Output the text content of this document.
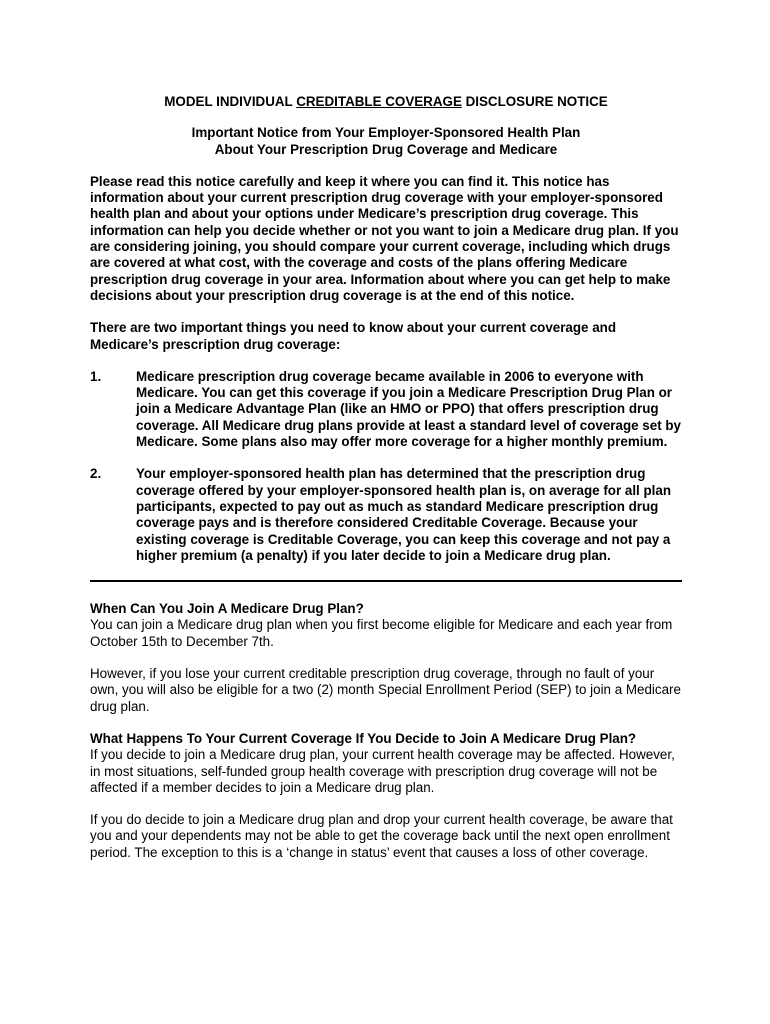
MODEL INDIVIDUAL CREDITABLE COVERAGE DISCLOSURE NOTICE
Important Notice from Your Employer-Sponsored Health Plan
About Your Prescription Drug Coverage and Medicare

Please read this notice carefully and keep it where you can find it. This notice has information about your current prescription drug coverage with your employer-sponsored health plan and about your options under Medicare’s prescription drug coverage. This information can help you decide whether or not you want to join a Medicare drug plan. If you are considering joining, you should compare your current coverage, including which drugs are covered at what cost, with the coverage and costs of the plans offering Medicare prescription drug coverage in your area. Information about where you can get help to make decisions about your prescription drug coverage is at the end of this notice.

There are two important things you need to know about your current coverage and Medicare’s prescription drug coverage:

1.	Medicare prescription drug coverage became available in 2006 to everyone with Medicare. You can get this coverage if you join a Medicare Prescription Drug Plan or join a Medicare Advantage Plan (like an HMO or PPO) that offers prescription drug coverage. All Medicare drug plans provide at least a standard level of coverage set by Medicare. Some plans also may offer more coverage for a higher monthly premium.
2.	Your employer-sponsored health plan has determined that the prescription drug coverage offered by your employer-sponsored health plan is, on average for all plan participants, expected to pay out as much as standard Medicare prescription drug coverage pays and is therefore considered Creditable Coverage. Because your existing coverage is Creditable Coverage, you can keep this coverage and not pay a higher premium (a penalty) if you later decide to join a Medicare drug plan.

When Can You Join A Medicare Drug Plan?

You can join a Medicare drug plan when you first become eligible for Medicare and each year from October 15th to December 7th.

However, if you lose your current creditable prescription drug coverage, through no fault of your own, you will also be eligible for a two (2) month Special Enrollment Period (SEP) to join a Medicare drug plan.

What Happens To Your Current Coverage If You Decide to Join A Medicare Drug Plan?

If you decide to join a Medicare drug plan, your current health coverage may be affected. However, in most situations, self-funded group health coverage with prescription drug coverage will not be affected if a member decides to join a Medicare drug plan.

If you do decide to join a Medicare drug plan and drop your current health coverage, be aware that you and your dependents may not be able to get the coverage back until the next open enrollment period. The exception to this is a ‘change in status’ event that causes a loss of other coverage.
